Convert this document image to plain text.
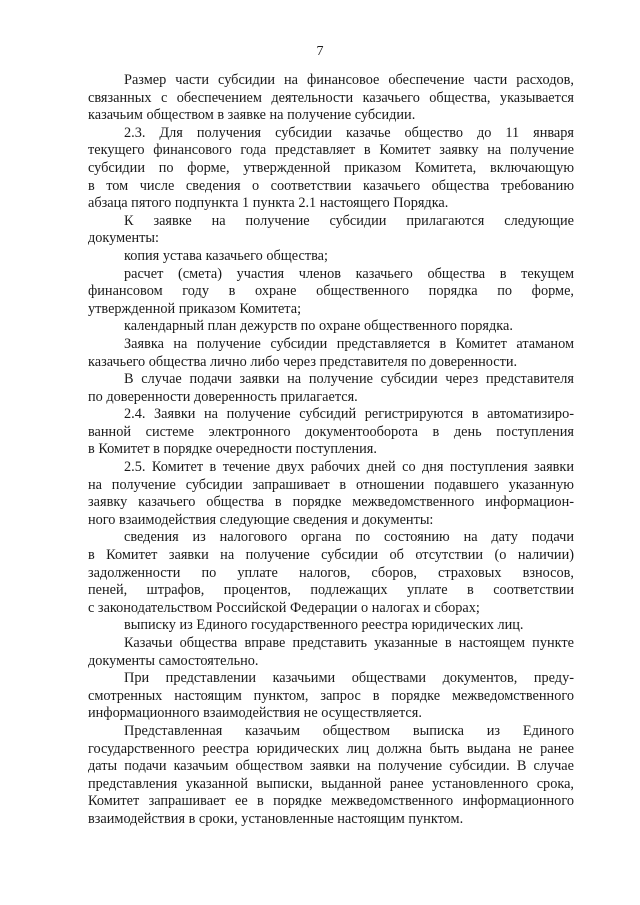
7

Размер части субсидии на финансовое обеспечение части расходов,
связанных с обеспечением деятельности казачьего общества, указывается
казачьим обществом в заявке на получение субсидии.

2.3. Для получения субсидии казачье общество до 11 января
текущего финансового года представляет в Комитет заявку на получение
субсидии по форме, утвержденной приказом Комитета, включающую
в том числе сведения о соответствии казачьего общества требованию
абзаца пятого подпункта 1 пункта 2.1 настоящего Порядка.

К заявке на получение субсидии прилагаются следующие
документы:

копия устава казачьего общества;

расчет (смета) участия членов казачьего общества в текущем
финансовом году в охране общественного порядка по форме,
утвержденной приказом Комитета;

календарный план дежурств по охране общественного порядка.

Заявка на получение субсидии представляется в Комитет атаманом
казачьего общества лично либо через представителя по доверенности.

В случае подачи заявки на получение субсидии через представителя
по доверенности доверенность прилагается.

2.4. Заявки на получение субсидий регистрируются в автоматизиро-
ванной системе электронного документооборота в день поступления
в Комитет в порядке очередности поступления.

2.5. Комитет в течение двух рабочих дней со дня поступления заявки
на получение субсидии запрашивает в отношении подавшего указанную
заявку казачьего общества в порядке межведомственного информацион-
ного взаимодействия следующие сведения и документы:

сведения из налогового органа по состоянию на дату подачи
в Комитет заявки на получение субсидии об отсутствии (о наличии)
задолженности по уплате налогов, сборов, страховых взносов,
пеней, штрафов, процентов, подлежащих уплате в соответствии
с законодательством Российской Федерации о налогах и сборах;

выписку из Единого государственного реестра юридических лиц.

Казачьи общества вправе представить указанные в настоящем пункте
документы самостоятельно.

При представлении казачьими обществами документов, преду-
смотренных настоящим пунктом, запрос в порядке межведомственного
информационного взаимодействия не осуществляется.

Представленная казачьим обществом выписка из Единого
государственного реестра юридических лиц должна быть выдана не ранее
даты подачи казачьим обществом заявки на получение субсидии. В случае
представления указанной выписки, выданной ранее установленного срока,
Комитет запрашивает ее в порядке межведомственного информационного
взаимодействия в сроки, установленные настоящим пунктом.
